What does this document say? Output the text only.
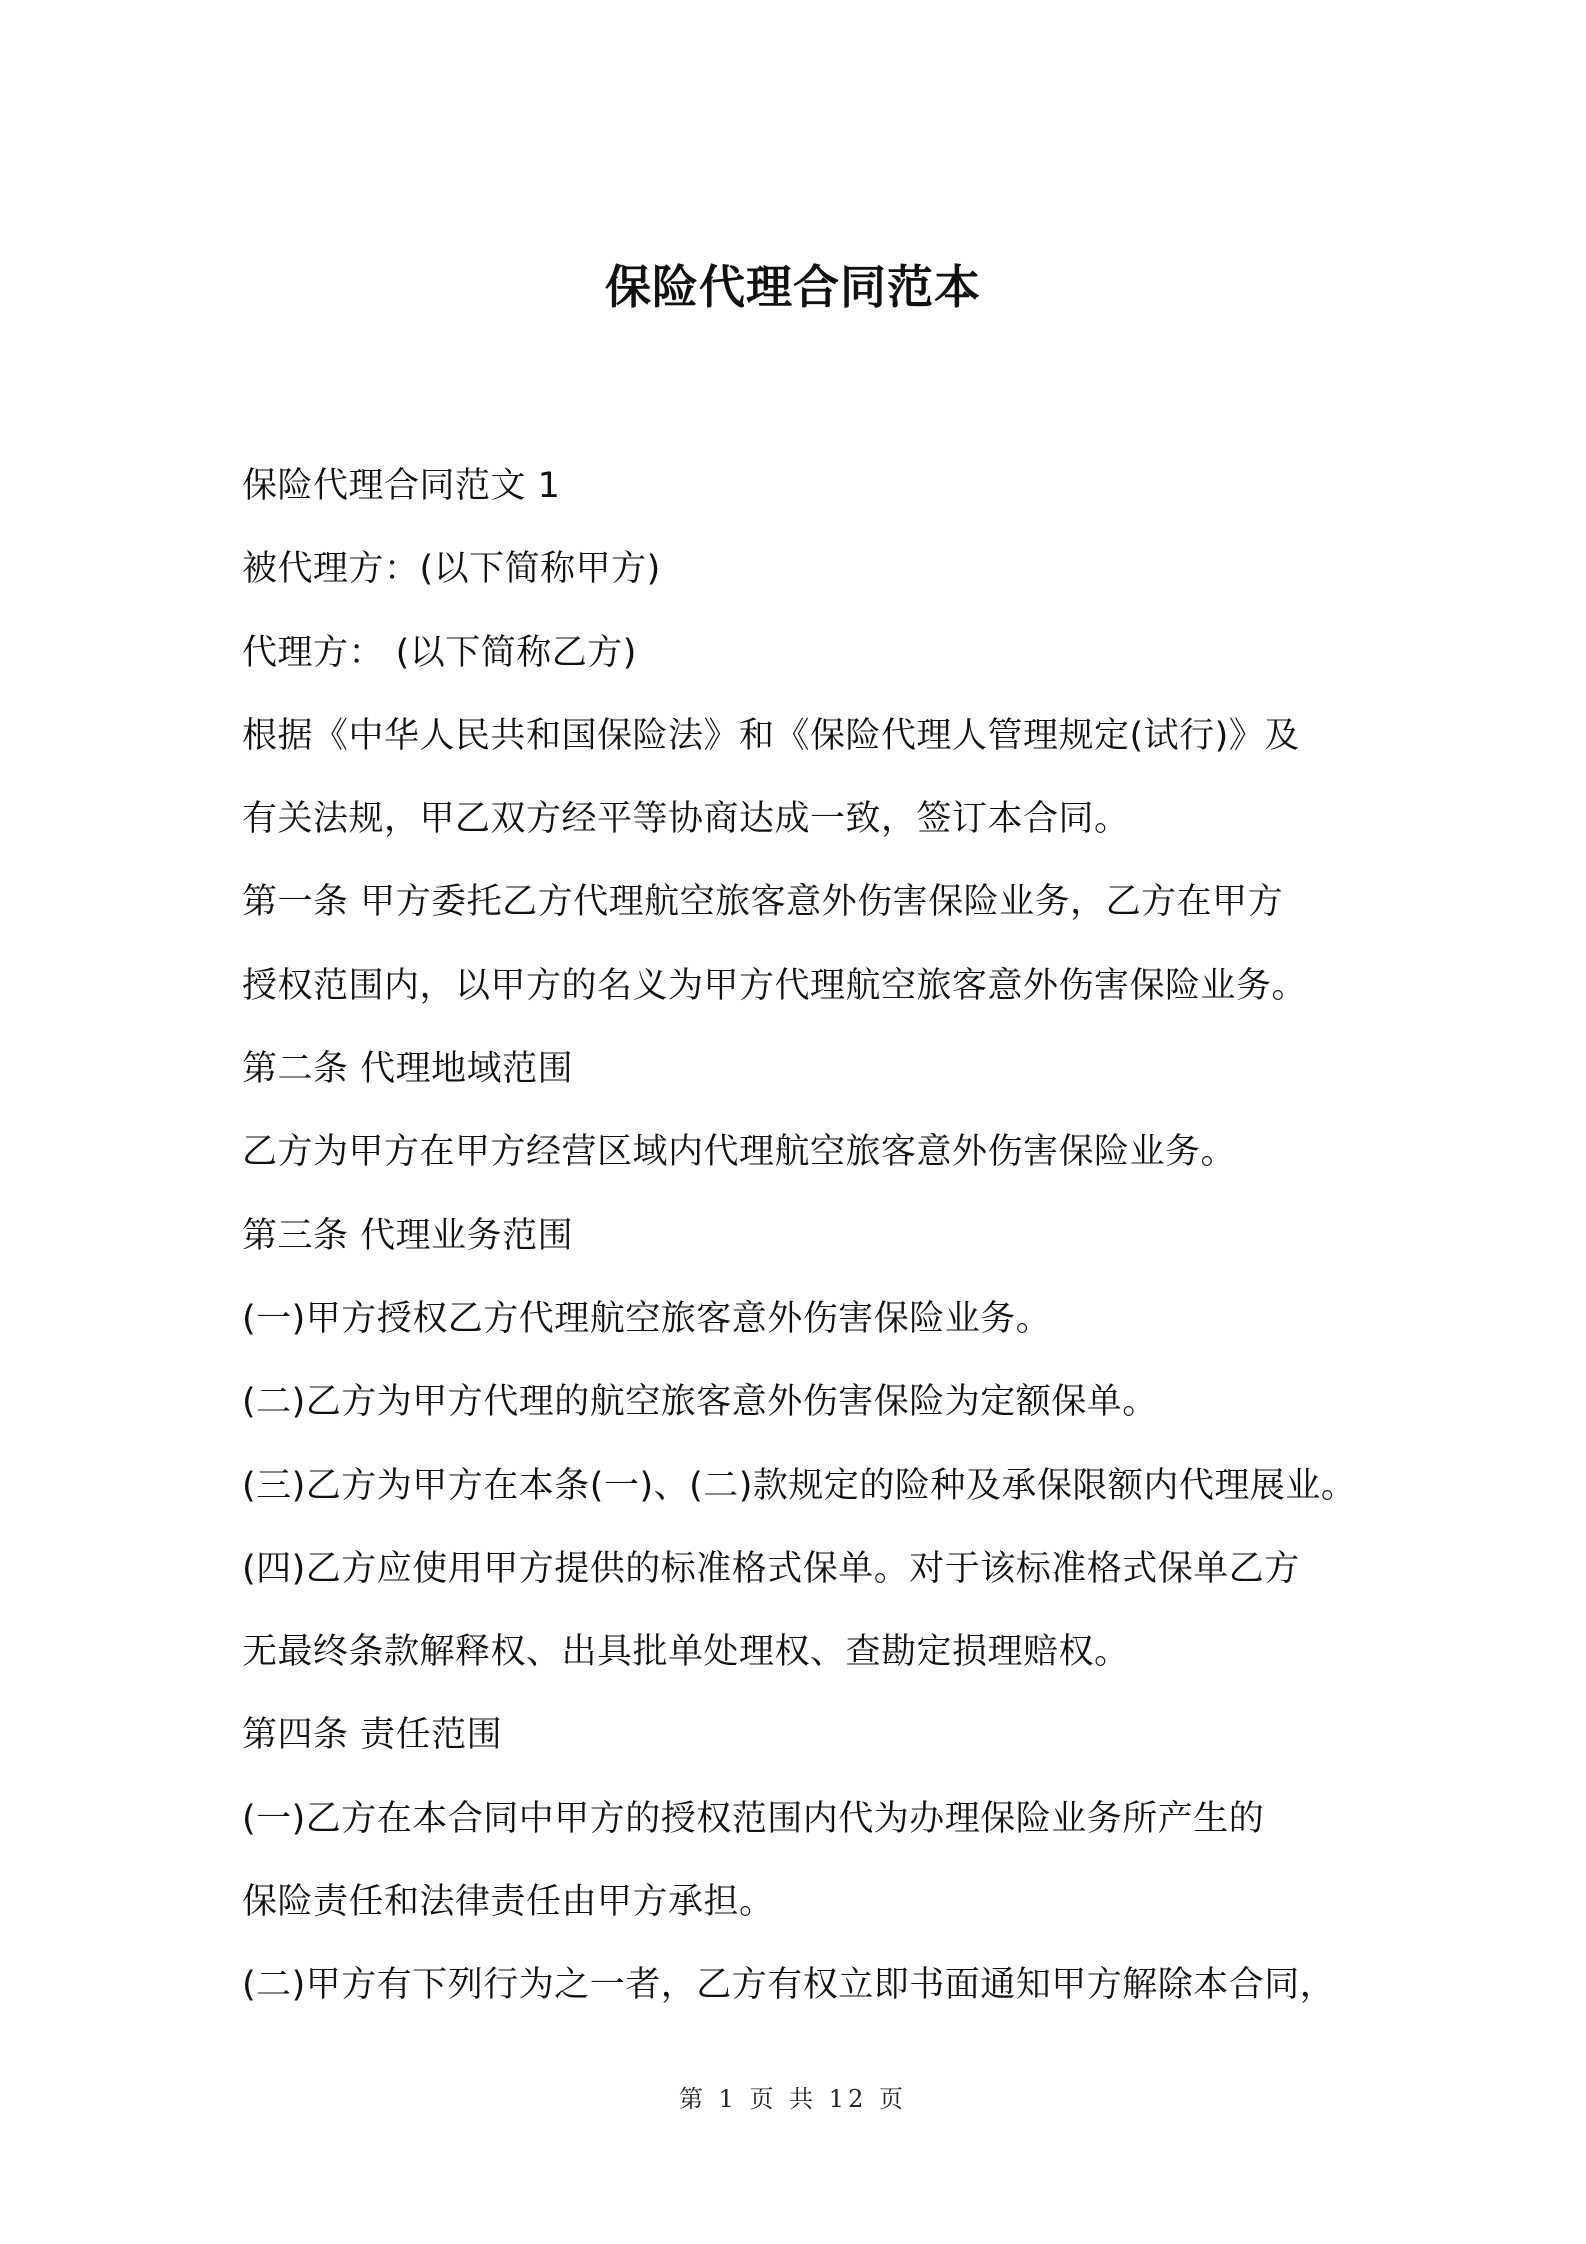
保险代理合同范本
保险代理合同范文 1
被代理方：(以下简称甲方)
代理方： (以下简称乙方)
根据《中华人民共和国保险法》和《保险代理人管理规定(试行)》及
有关法规，甲乙双方经平等协商达成一致，签订本合同。
第一条 甲方委托乙方代理航空旅客意外伤害保险业务，乙方在甲方
授权范围内，以甲方的名义为甲方代理航空旅客意外伤害保险业务。
第二条 代理地域范围
乙方为甲方在甲方经营区域内代理航空旅客意外伤害保险业务。
第三条 代理业务范围
(一)甲方授权乙方代理航空旅客意外伤害保险业务。
(二)乙方为甲方代理的航空旅客意外伤害保险为定额保单。
(三)乙方为甲方在本条(一)、(二)款规定的险种及承保限额内代理展业。
(四)乙方应使用甲方提供的标准格式保单。对于该标准格式保单乙方
无最终条款解释权、出具批单处理权、查勘定损理赔权。
第四条 责任范围
(一)乙方在本合同中甲方的授权范围内代为办理保险业务所产生的
保险责任和法律责任由甲方承担。
(二)甲方有下列行为之一者，乙方有权立即书面通知甲方解除本合同，
第 1 页 共 12 页
